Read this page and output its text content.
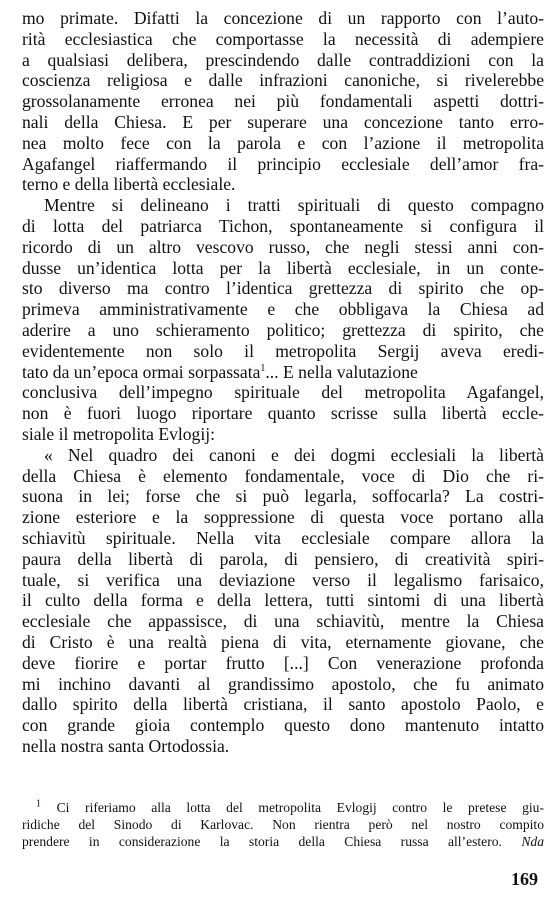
mo primate. Difatti la concezione di un rapporto con l’auto-
rità ecclesiastica che comportasse la necessità di adempiere
a qualsiasi delibera, prescindendo dalle contraddizioni con la
coscienza religiosa e dalle infrazioni canoniche, si rivelerebbe
grossolanamente erronea nei più fondamentali aspetti dottri-
nali della Chiesa. E per superare una concezione tanto erro-
nea molto fece con la parola e con l’azione il metropolita
Agafangel riaffermando il principio ecclesiale dell’amor fra-
terno e della libertà ecclesiale.
Mentre si delineano i tratti spirituali di questo compagno
di lotta del patriarca Tichon, spontaneamente si configura il
ricordo di un altro vescovo russo, che negli stessi anni con-
dusse un’identica lotta per la libertà ecclesiale, in un conte-
sto diverso ma contro l’identica grettezza di spirito che op-
primeva amministrativamente e che obbligava la Chiesa ad
aderire a uno schieramento politico; grettezza di spirito, che
evidentemente non solo il metropolita Sergij aveva eredi-
tato da un’epoca ormai sorpassata$^1$... E nella valutazione
conclusiva dell’impegno spirituale del metropolita Agafangel,
non è fuori luogo riportare quanto scrisse sulla libertà eccle-
siale il metropolita Evlogij:
« Nel quadro dei canoni e dei dogmi ecclesiali la libertà
della Chiesa è elemento fondamentale, voce di Dio che ri-
suona in lei; forse che si può legarla, soffocarla? La costri-
zione esteriore e la soppressione di questa voce portano alla
schiavitù spirituale. Nella vita ecclesiale compare allora la
paura della libertà di parola, di pensiero, di creatività spiri-
tuale, si verifica una deviazione verso il legalismo farisaico,
il culto della forma e della lettera, tutti sintomi di una libertà
ecclesiale che appassisce, di una schiavitù, mentre la Chiesa
di Cristo è una realtà piena di vita, eternamente giovane, che
deve fiorire e portar frutto [...] Con venerazione profonda
mi inchino davanti al grandissimo apostolo, che fu animato
dallo spirito della libertà cristiana, il santo apostolo Paolo, e
con grande gioia contemplo questo dono mantenuto intatto
nella nostra santa Ortodossia.
$^1$ Ci riferiamo alla lotta del metropolita Evlogij contro le pretese giu-
ridiche del Sinodo di Karlovac. Non rientra però nel nostro compito
prendere in considerazione la storia della Chiesa russa all’estero. Nda
169
